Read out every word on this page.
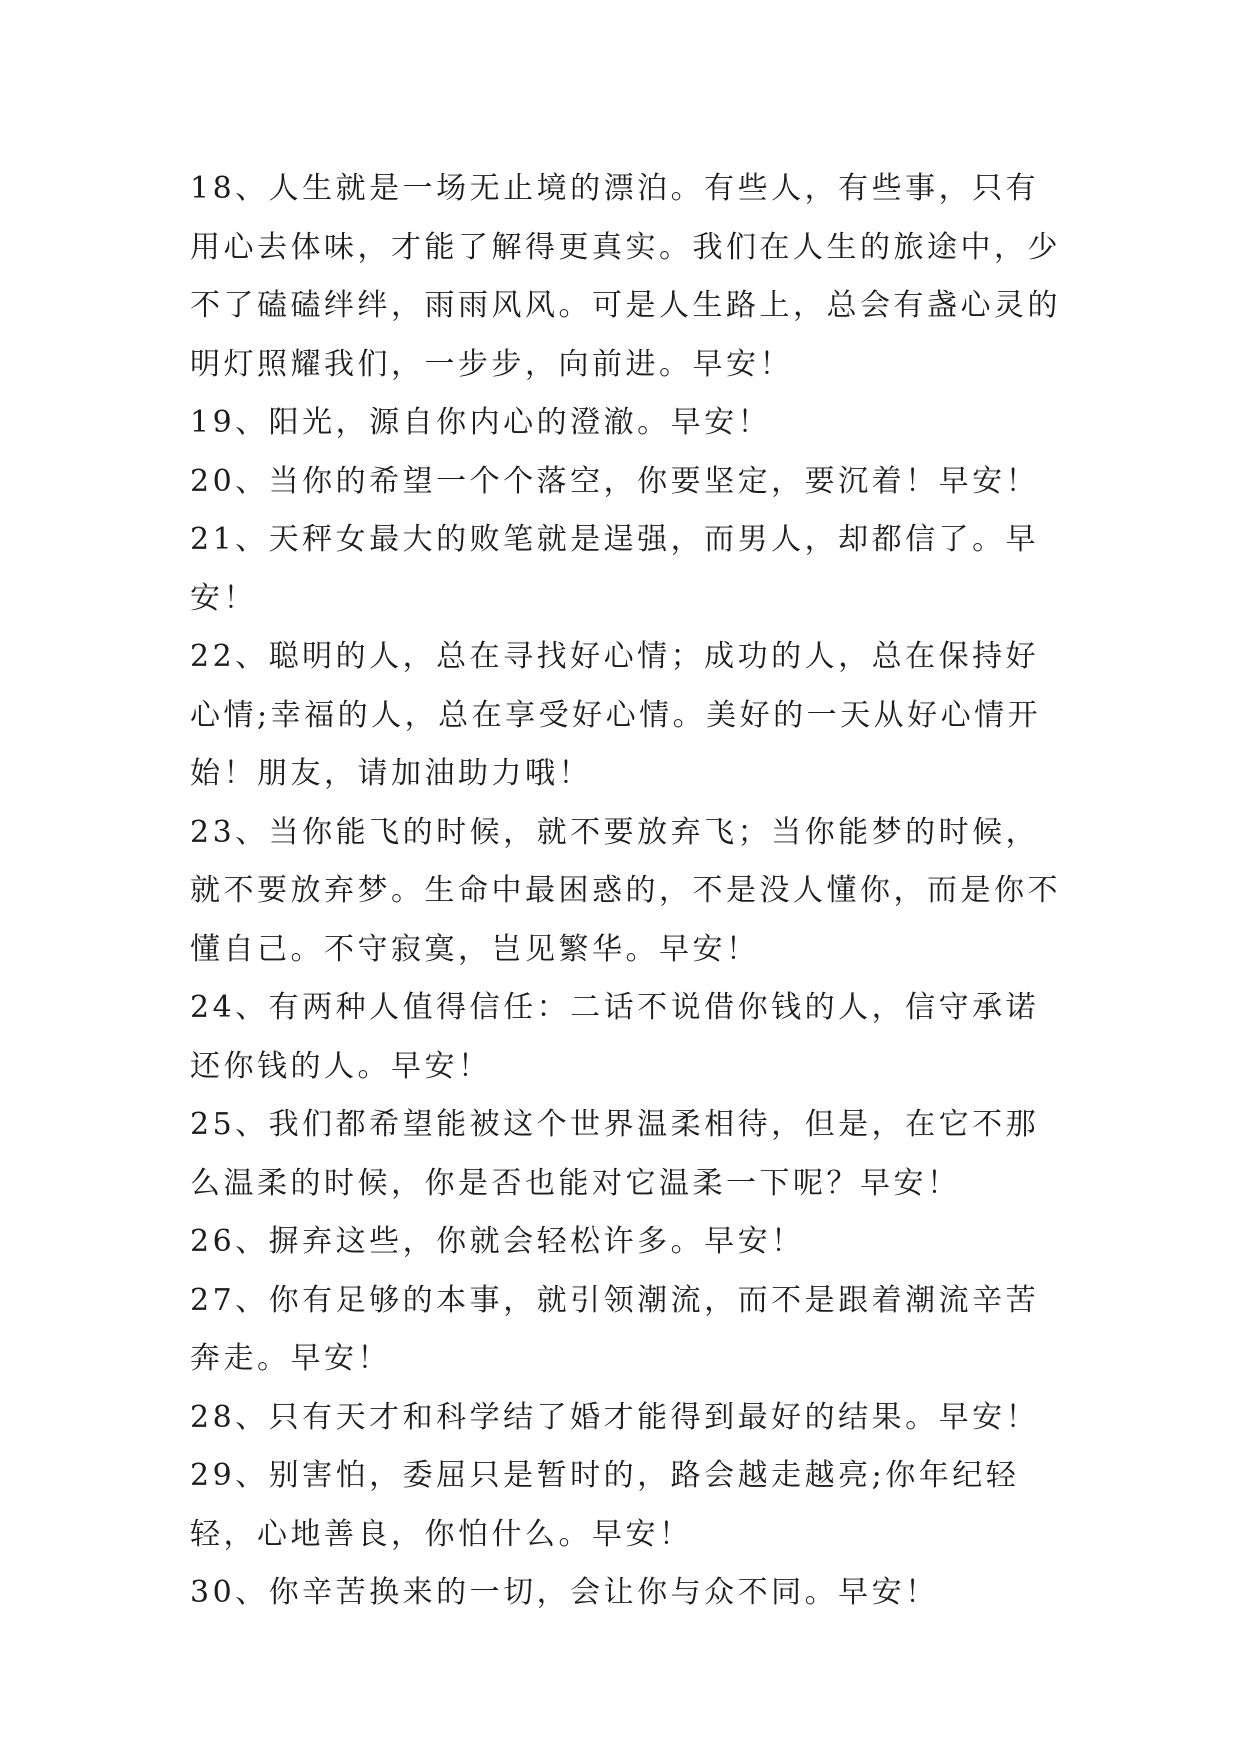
18、人生就是一场无止境的漂泊。有些人，有些事，只有用心去体味，才能了解得更真实。我们在人生的旅途中，少不了磕磕绊绊，雨雨风风。可是人生路上，总会有盏心灵的明灯照耀我们，一步步，向前进。早安！

19、阳光，源自你内心的澄澈。早安！

20、当你的希望一个个落空，你要坚定，要沉着！早安！

21、天秤女最大的败笔就是逞强，而男人，却都信了。早安！

22、聪明的人，总在寻找好心情；成功的人，总在保持好心情;幸福的人，总在享受好心情。美好的一天从好心情开始！朋友，请加油助力哦！

23、当你能飞的时候，就不要放弃飞；当你能梦的时候，就不要放弃梦。生命中最困惑的，不是没人懂你，而是你不懂自己。不守寂寞，岂见繁华。早安！

24、有两种人值得信任：二话不说借你钱的人，信守承诺还你钱的人。早安！

25、我们都希望能被这个世界温柔相待，但是，在它不那么温柔的时候，你是否也能对它温柔一下呢？早安！

26、摒弃这些，你就会轻松许多。早安！

27、你有足够的本事，就引领潮流，而不是跟着潮流辛苦奔走。早安！

28、只有天才和科学结了婚才能得到最好的结果。早安！

29、别害怕，委屈只是暂时的，路会越走越亮;你年纪轻轻，心地善良，你怕什么。早安！

30、你辛苦换来的一切，会让你与众不同。早安！
